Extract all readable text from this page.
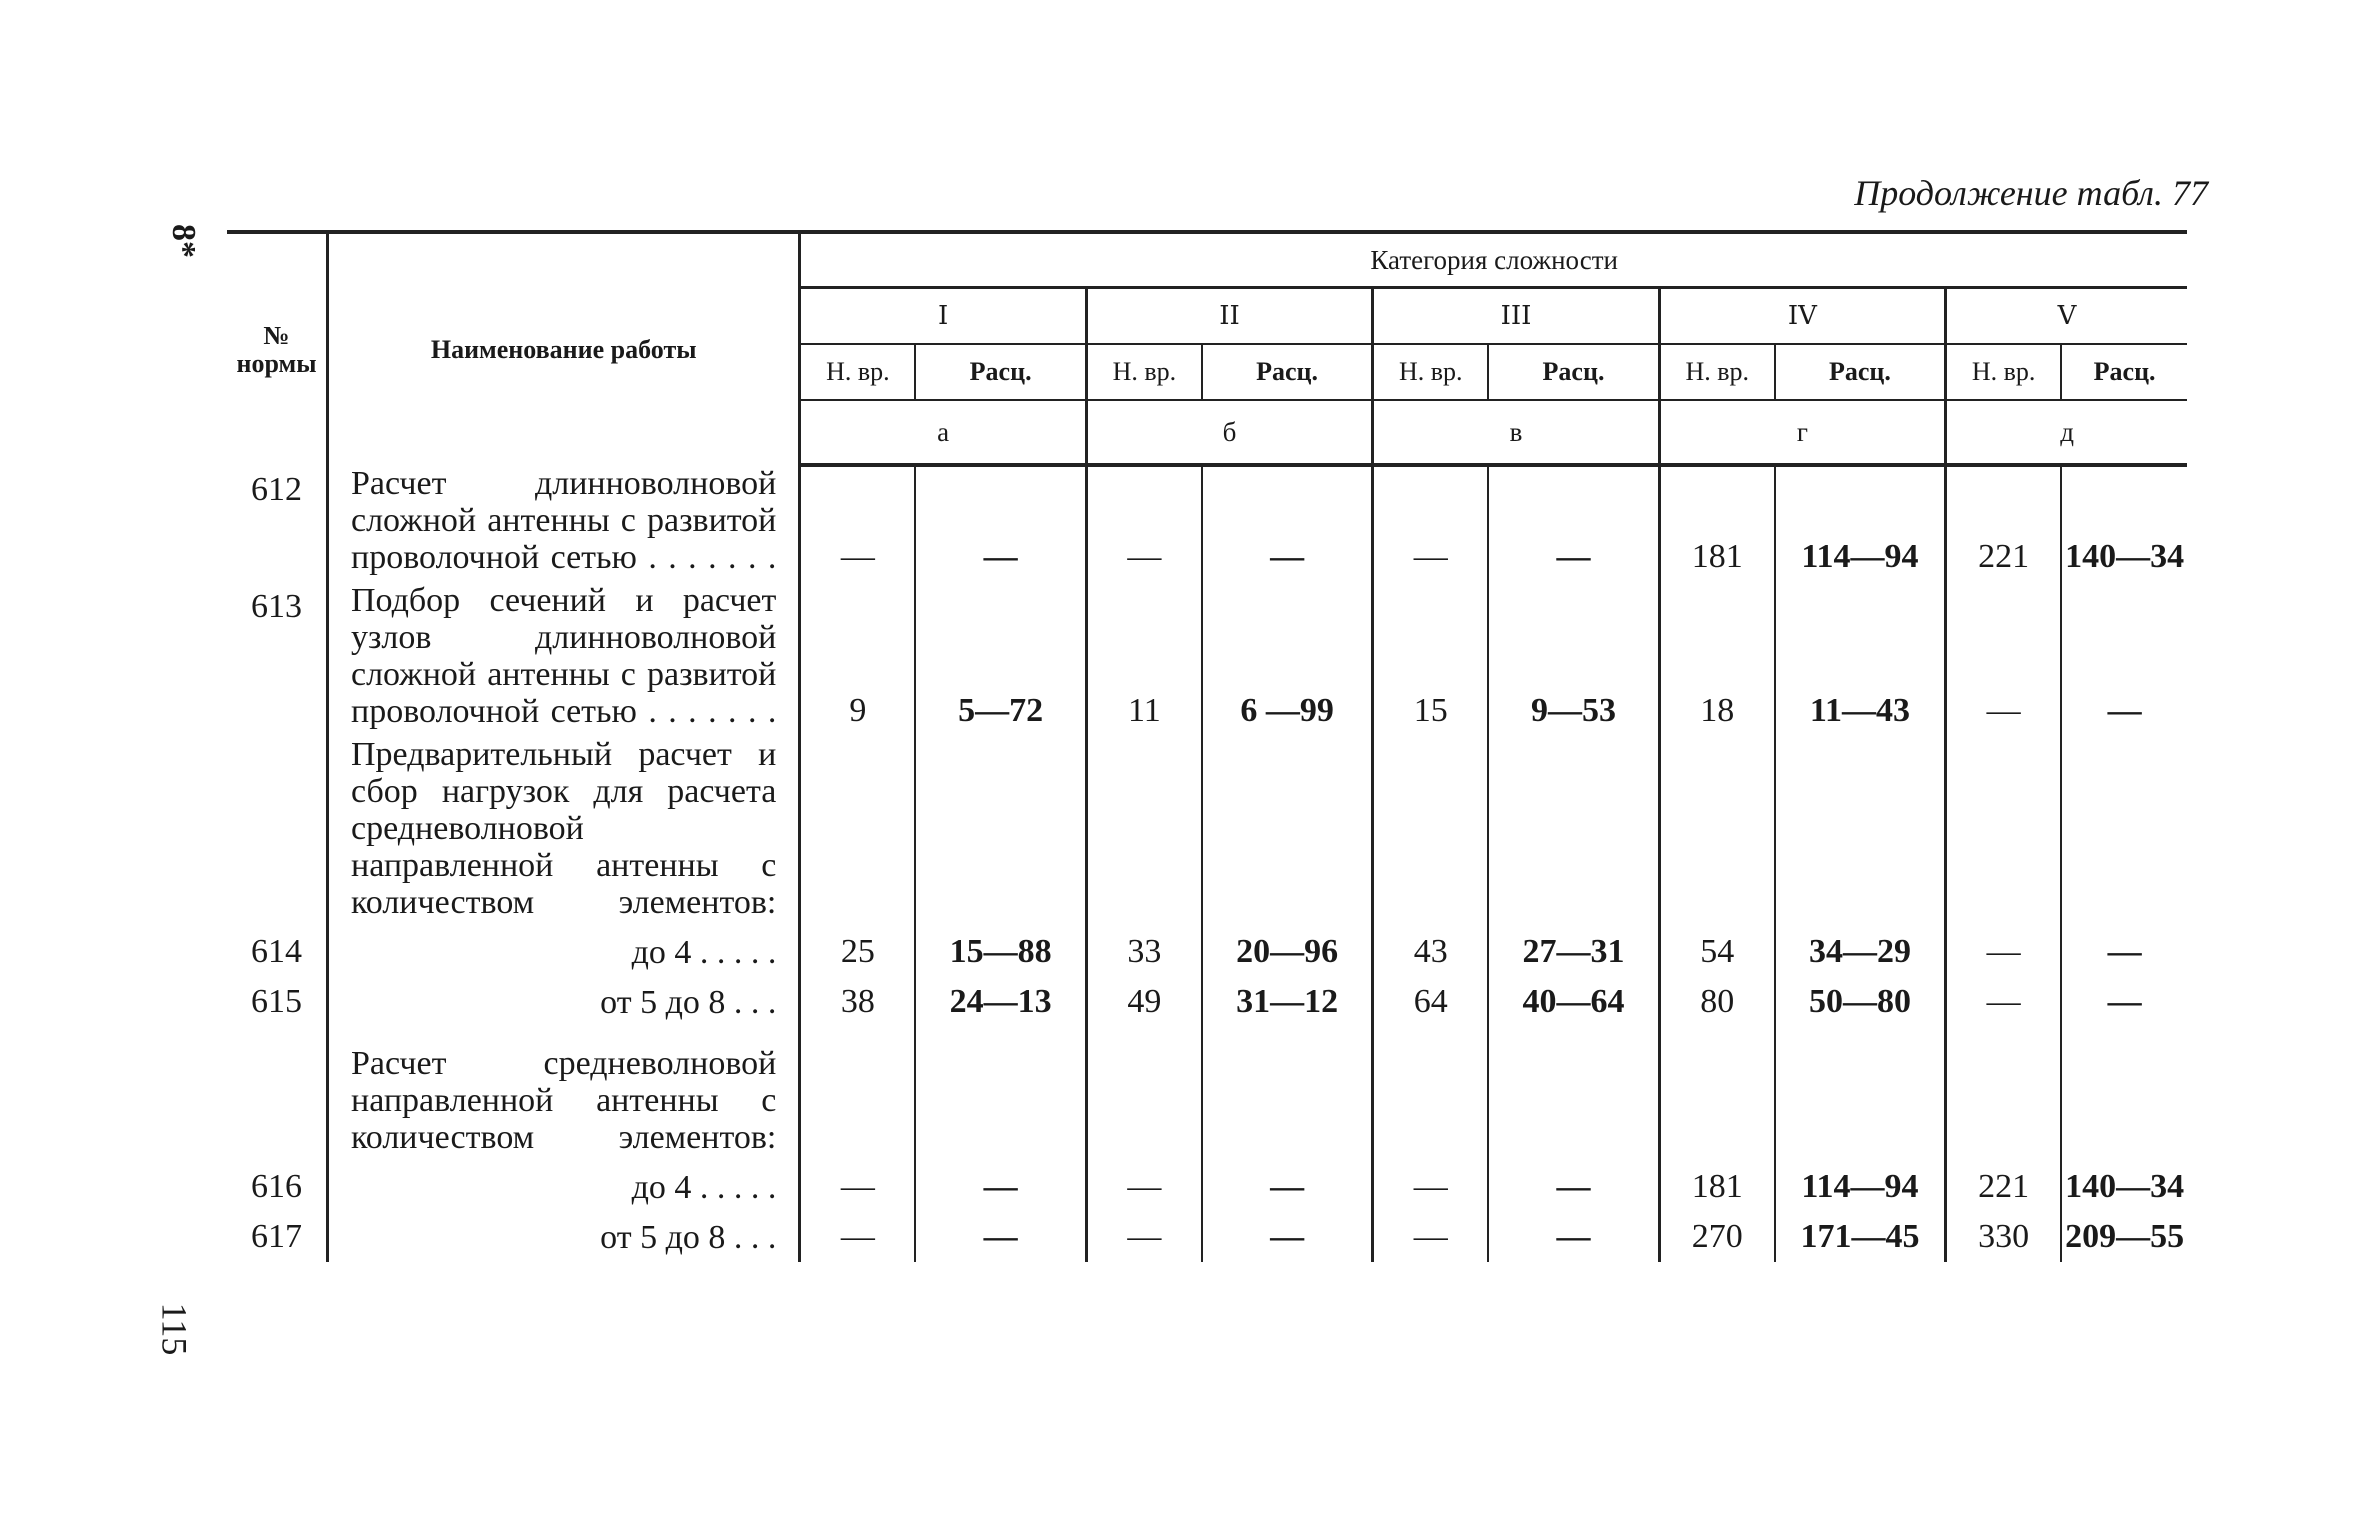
8*
115
Продолжение табл. 77
№
нормы	Наименование работы	Категория сложности									
		I		II		III		IV		V	
		Н. вр.	Расц.	Н. вр.	Расц.	Н. вр.	Расц.	Н. вр.	Расц.	Н. вр.	Расц.
		а		б		в		г		д	
612	Расчет длинноволновой сложной антенны с развитой проволочной сетью . . . . . . .	—	—	—	—	—	—	181	114—94	221	140—34
613	Подбор сечений и расчет узлов длинноволновой сложной антенны с развитой проволочной сетью . . . . . . .	9	5—72	11	6 —99	15	9—53	18	11—43	—	—
	Предварительный расчет и сбор нагрузок для расчета средневолновой направленной антенны с количеством элементов:										
614	до 4 . . . . .	25	15—88	33	20—96	43	27—31	54	34—29	—	—
615	от 5 до 8 . . .	38	24—13	49	31—12	64	40—64	80	50—80	—	—
	Расчет средневолновой направленной антенны с количеством элементов:										
616	до 4 . . . . .	—	—	—	—	—	—	181	114—94	221	140—34
617	от 5 до 8 . . .	—	—	—	—	—	—	270	171—45	330	209—55
